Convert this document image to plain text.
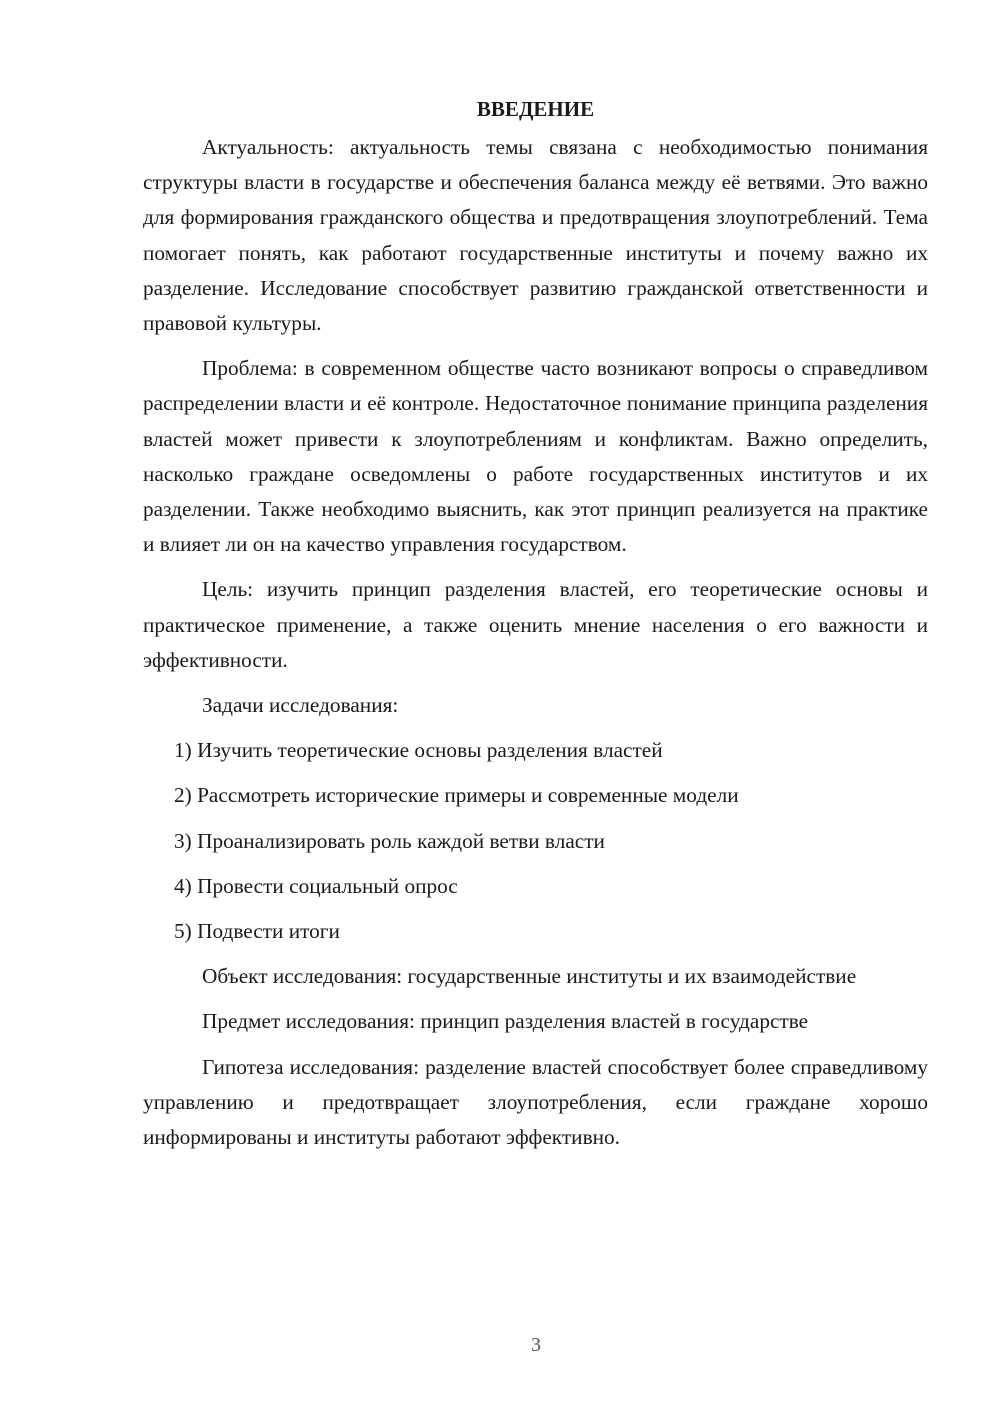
ВВЕДЕНИЕ

Актуальность: актуальность темы связана с необходимостью понимания структуры власти в государстве и обеспечения баланса между её ветвями. Это важно для формирования гражданского общества и предотвращения злоупотреблений. Тема помогает понять, как работают государственные институты и почему важно их разделение. Исследование способствует развитию гражданской ответственности и правовой культуры.

Проблема: в современном обществе часто возникают вопросы о справедливом распределении власти и её контроле. Недостаточное понимание принципа разделения властей может привести к злоупотреблениям и конфликтам. Важно определить, насколько граждане осведомлены о работе государственных институтов и их разделении. Также необходимо выяснить, как этот принцип реализуется на практике и влияет ли он на качество управления государством.

Цель: изучить принцип разделения властей, его теоретические основы и практическое применение, а также оценить мнение населения о его важности и эффективности.

Задачи исследования:

1) Изучить теоретические основы разделения властей
2) Рассмотреть исторические примеры и современные модели
3) Проанализировать роль каждой ветви власти
4) Провести социальный опрос
5) Подвести итоги

Объект исследования: государственные институты и их взаимодействие

Предмет исследования: принцип разделения властей в государстве

Гипотеза исследования: разделение властей способствует более справедливому управлению и предотвращает злоупотребления, если граждане хорошо информированы и институты работают эффективно.

3
